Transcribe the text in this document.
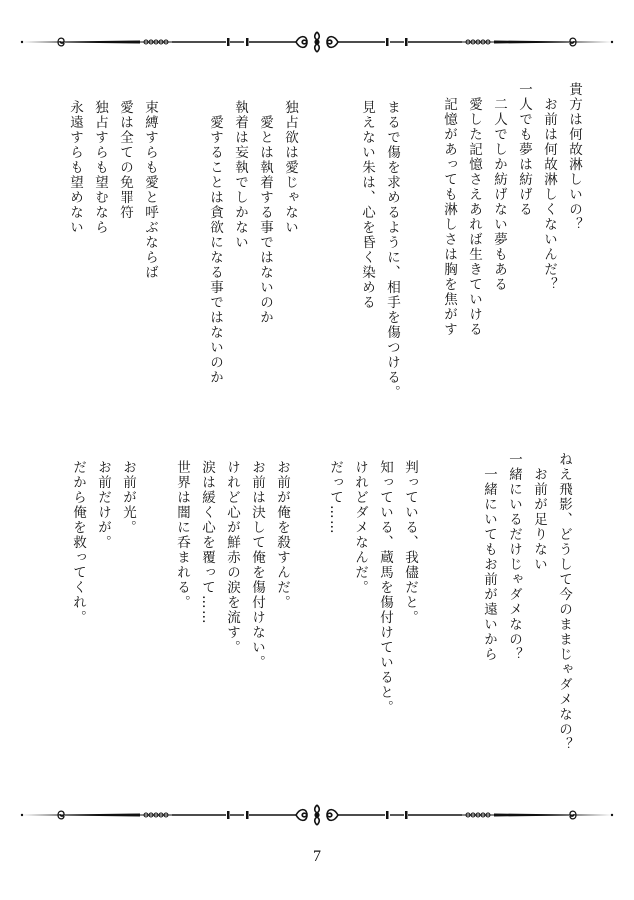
貴方は何故淋しいの？
　お前は何故淋しくないんだ？
一人でも夢は紡げる
　二人でしか紡げない夢もある
　愛した記憶さえあれば生きていける
　記憶があっても淋しさは胸を焦がす
まるで傷を求めるように、相手を傷つける。
見えない朱は、心を昏く染める
独占欲は愛じゃない
　愛とは執着する事ではないのか
執着は妄執でしかない
　愛することは貪欲になる事ではないのか
束縛すらも愛と呼ぶならば
愛は全ての免罪符
独占すらも望むなら
永遠すらも望めない
ねえ飛影、どうして今のままじゃダメなの？
　お前が足りない
一緒にいるだけじゃダメなの？
　一緒にいてもお前が遠いから
判っている、我儘だと。
知っている、蔵馬を傷付けていると。
けれどダメなんだ。
だって……
お前が俺を殺すんだ。
お前は決して俺を傷付けない。
けれど心が鮮赤の涙を流す。
涙は緩く心を覆って……
世界は闇に呑まれる。
お前が光。
お前だけが。
だから俺を救ってくれ。
7
